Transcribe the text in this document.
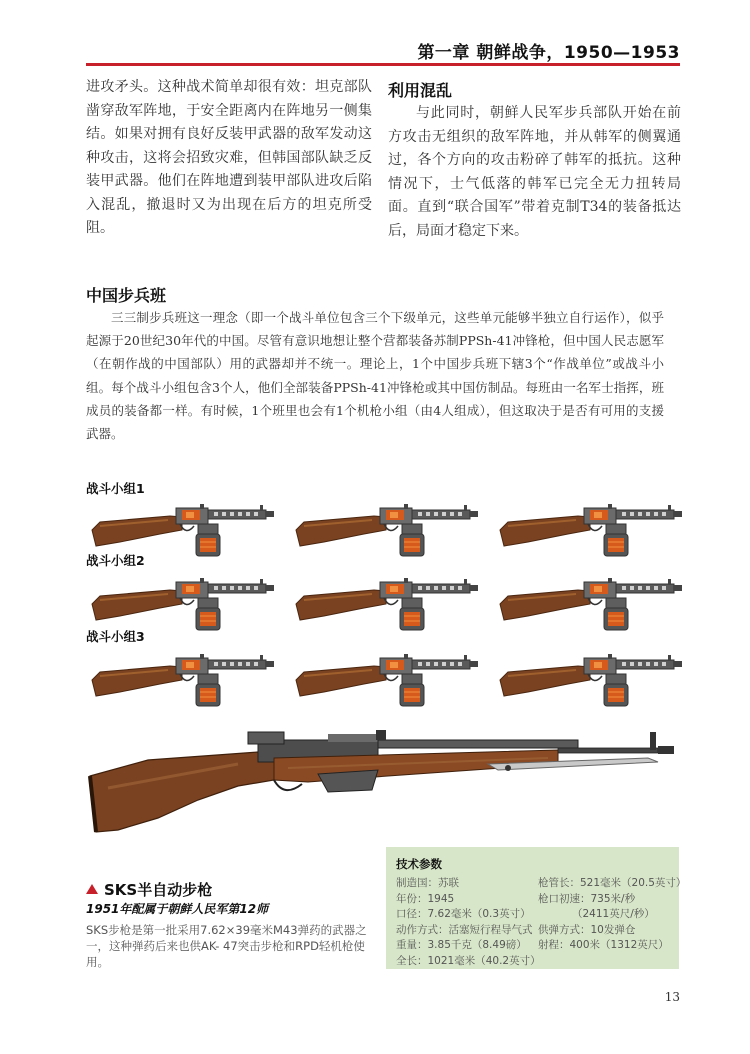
第一章 朝鲜战争，1950—1953
进攻矛头。这种战术简单却很有效：坦克部队凿穿敌军阵地，于安全距离内在阵地另一侧集结。如果对拥有良好反装甲武器的敌军发动这种攻击，这将会招致灾难，但韩国部队缺乏反装甲武器。他们在阵地遭到装甲部队进攻后陷入混乱，撤退时又为出现在后方的坦克所受阻。
利用混乱
与此同时，朝鲜人民军步兵部队开始在前方攻击无组织的敌军阵地，并从韩军的侧翼通过，各个方向的攻击粉碎了韩军的抵抗。这种情况下，士气低落的韩军已完全无力扭转局面。直到“联合国军”带着克制T34的装备抵达后，局面才稳定下来。
中国步兵班
三三制步兵班这一理念（即一个战斗单位包含三个下级单元，这些单元能够半独立自行运作），似乎起源于20世纪30年代的中国。尽管有意识地想让整个营都装备苏制PPSh-41冲锋枪，但中国人民志愿军（在朝作战的中国部队）用的武器却并不统一。理论上，1个中国步兵班下辖3个“作战单位”或战斗小组。每个战斗小组包含3个人，他们全部装备PPSh-41冲锋枪或其中国仿制品。每班由一名军士指挥，班成员的装备都一样。有时候，1个班里也会有1个机枪小组（由4人组成），但这取决于是否有可用的支援武器。
战斗小组1
战斗小组2
战斗小组3
SKS半自动步枪
1951年配属于朝鲜人民军第12师
SKS步枪是第一批采用7.62×39毫米M43弹药的武器之一，这种弹药后来也供AK- 47突击步枪和RPD轻机枪使用。
技术参数
制造国：苏联
年份：1945
口径：7.62毫米（0.3英寸）
动作方式：活塞短行程导气式
重量：3.85千克（8.49磅）
全长：1021毫米（40.2英寸）
枪管长：521毫米（20.5英寸）
枪口初速：735米/秒
（2411英尺/秒）
供弹方式：10发弹仓
射程：400米（1312英尺）
13
